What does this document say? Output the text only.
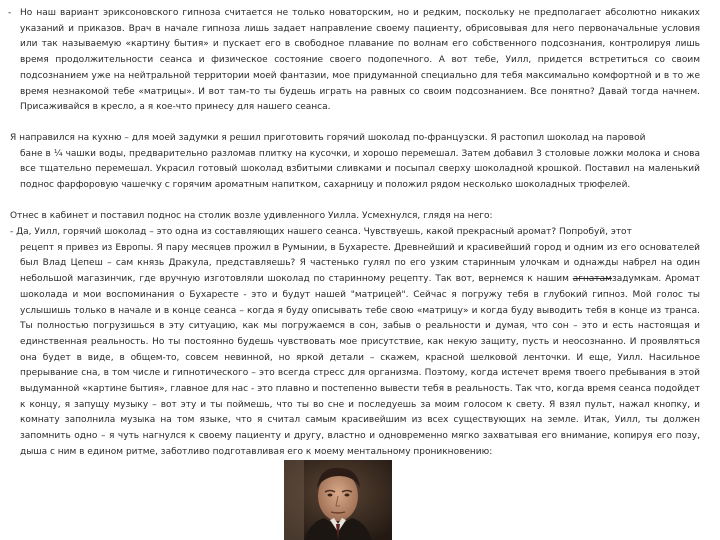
- Но наш вариант эриксоновского гипноза считается не только новаторским, но и редким, поскольку не предполагает абсолютно никаких указаний и приказов. Врач в начале гипноза лишь задает направление своему пациенту, обрисовывая для него первоначальные условия или так называемую «картину бытия» и пускает его в свободное плавание по волнам его собственного подсознания, контролируя лишь время продолжительности сеанса и физическое состояние своего подопечного. А вот тебе, Уилл, придется встретиться со своим подсознанием уже на нейтральной территории моей фантазии, мое придуманной специально для тебя максимально комфортной и в то же время незнакомой тебе «матрицы». И вот там-то ты будешь играть на равных со своим подсознанием. Все понятно? Давай тогда начнем. Присаживайся в кресло, а я кое-что принесу для нашего сеанса.

Я направился на кухню – для моей задумки я решил приготовить горячий шоколад по-французски. Я растопил шоколад на паровой
бане в ¼ чашки воды, предварительно разломав плитку на кусочки, и хорошо перемешал. Затем добавил 3 столовые ложки молока и снова все тщательно перемешал. Украсил готовый шоколад взбитыми сливками и посыпал сверху шоколадной крошкой. Поставил на маленький поднос фарфоровую чашечку с горячим ароматным напитком, сахарницу и положил рядом несколько шоколадных трюфелей.

Отнес в кабинет и поставил поднос на столик возле удивленного Уилла. Усмехнулся, глядя на него:

- Да, Уилл, горячий шоколад – это одна из составляющих нашего сеанса. Чувствуешь, какой прекрасный аромат? Попробуй, этот
рецепт я привез из Европы. Я пару месяцев прожил в Румынии, в Бухаресте. Древнейший и красивейший город и одним из его основателей был Влад Цепеш – сам князь Дракула, представляешь? Я частенько гулял по его узким старинным улочкам и однажды набрел на один небольшой магазинчик, где вручную изготовляли шоколад по старинному рецепту. Так вот, вернемся к нашим агнатамзадумкам. Аромат шоколада и мои воспоминания о Бухаресте - это и будут нашей "матрицей". Сейчас я погружу тебя в глубокий гипноз. Мой голос ты услышишь только в начале и в конце сеанса – когда я буду описывать тебе свою «матрицу» и когда буду выводить тебя в конце из транса. Ты полностью погрузишься в эту ситуацию, как мы погружаемся в сон, забыв о реальности и думая, что сон – это и есть настоящая и единственная реальность. Но ты постоянно будешь чувствовать мое присутствие, как некую защиту, пусть и неосознанно. И проявляться она будет в виде, в общем-то, совсем невинной, но яркой детали – скажем, красной шелковой ленточки. И еще, Уилл. Насильное прерывание сна, в том числе и гипнотического – это всегда стресс для организма. Поэтому, когда истечет время твоего пребывания в этой выдуманной «картине бытия», главное для нас - это плавно и постепенно вывести тебя в реальность. Так что, когда время сеанса подойдет к концу, я запущу музыку – вот эту и ты поймешь, что ты во сне и последуешь за моим голосом к свету. Я взял пульт, нажал кнопку, и комнату заполнила музыка на том языке, что я считал самым красивейшим из всех существующих на земле. Итак, Уилл, ты должен запомнить одно – я чуть нагнулся к своему пациенту и другу, властно и одновременно мягко захватывая его внимание, копируя его позу, дыша с ним в едином ритме, заботливо подготавливая его к моему ментальному проникновению:
